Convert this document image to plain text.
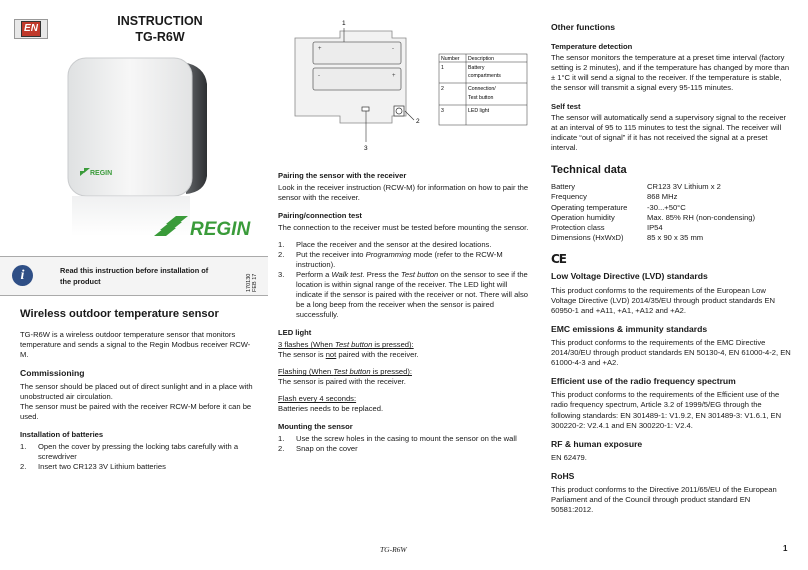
EN
INSTRUCTION
TG-R6W
REGIN
REGIN
i	Read this instruction before installation of the product	170130
FEB 17
Wireless outdoor temperature sensor

TG-R6W is a wireless outdoor temperature sensor that monitors temperature and sends a signal to the Regin Modbus receiver RCW-M.

Commissioning

The sensor should be placed out of direct sunlight and in a place with unobstructed air circulation.

The sensor must be paired with the receiver RCW-M before it can be used.

Installation of batteries
1.	Open the cover by pressing the locking tabs carefully with a screwdriver
2.	Insert two CR123 3V Lithium batteries
+	-
-	+
1
2
3
Number Description
1	Battery
compartments
2	Connection/
Test button
3	LED light
Pairing the sensor with the receiver

Look in the receiver instruction (RCW-M) for information on how to pair the sensor with the receiver.

Pairing/connection test

The connection to the receiver must be tested before mounting the sensor.

1.	Place the receiver and the sensor at the desired locations.
2.	Put the receiver into Programming mode (refer to the RCW-M instruction).
3.	Perform a Walk test. Press the Test button on the sensor to see if the location is within signal range of the receiver. The LED light will indicate if the sensor is paired with the receiver or not. There will also be a long beep from the receiver when the sensor is paired successfully.
LED light

3 flashes (When Test button is pressed):

The sensor is not paired with the receiver.

Flashing (When Test button is pressed):

The sensor is paired with the receiver.

Flash every 4 seconds:

Batteries needs to be replaced.

Mounting the sensor
1.	Use the screw holes in the casing to mount the sensor on the wall
2.	Snap on the cover
Other functions
Temperature detection

The sensor monitors the temperature at a preset time interval (factory setting is 2 minutes), and if the temperature has changed by more than ± 1°C it will send a signal to the receiver. If the temperature is stable, the sensor will transmit a signal every 95-115 minutes.

Self test

The sensor will automatically send a supervisory signal to the receiver at an interval of 95 to 115 minutes to test the signal. The receiver will indicate “out of signal” if it has not received the signal at a preset interval.

Technical data
Battery	CR123 3V Lithium x 2
Frequency	868 MHz
Operating temperature	-30...+50°C
Operation humidity	Max. 85% RH (non-condensing)
Protection class	IP54
Dimensions (HxWxD)	85 x 90 x 35 mm
CE
Low Voltage Directive (LVD) standards

This product conforms to the requirements of the European Low Voltage Directive (LVD) 2014/35/EU through product standards EN 60950-1 and +A11, +A1, +A12 and +A2.

EMC emissions & immunity standards

This product conforms to the requirements of the EMC Directive 2014/30/EU through product standards EN 50130-4, EN 61000-4-2, EN 61000-4-3 and +A2.

Efficient use of the radio frequency spectrum

This product conforms to the requirements of the Efficient use of the radio frequency spectrum, Article 3.2 of 1999/5/EG through the following standards: EN 301489-1: V1.9.2, EN 301489-3: V1.6.1, EN 300220-2: V2.4.1 and EN 300220-1: V2.4.

RF & human exposure

EN 62479.

RoHS

This product conforms to the Directive 2011/65/EU of the European Parliament and of the Council through product standard EN 50581:2012.

TG-R6W	1
